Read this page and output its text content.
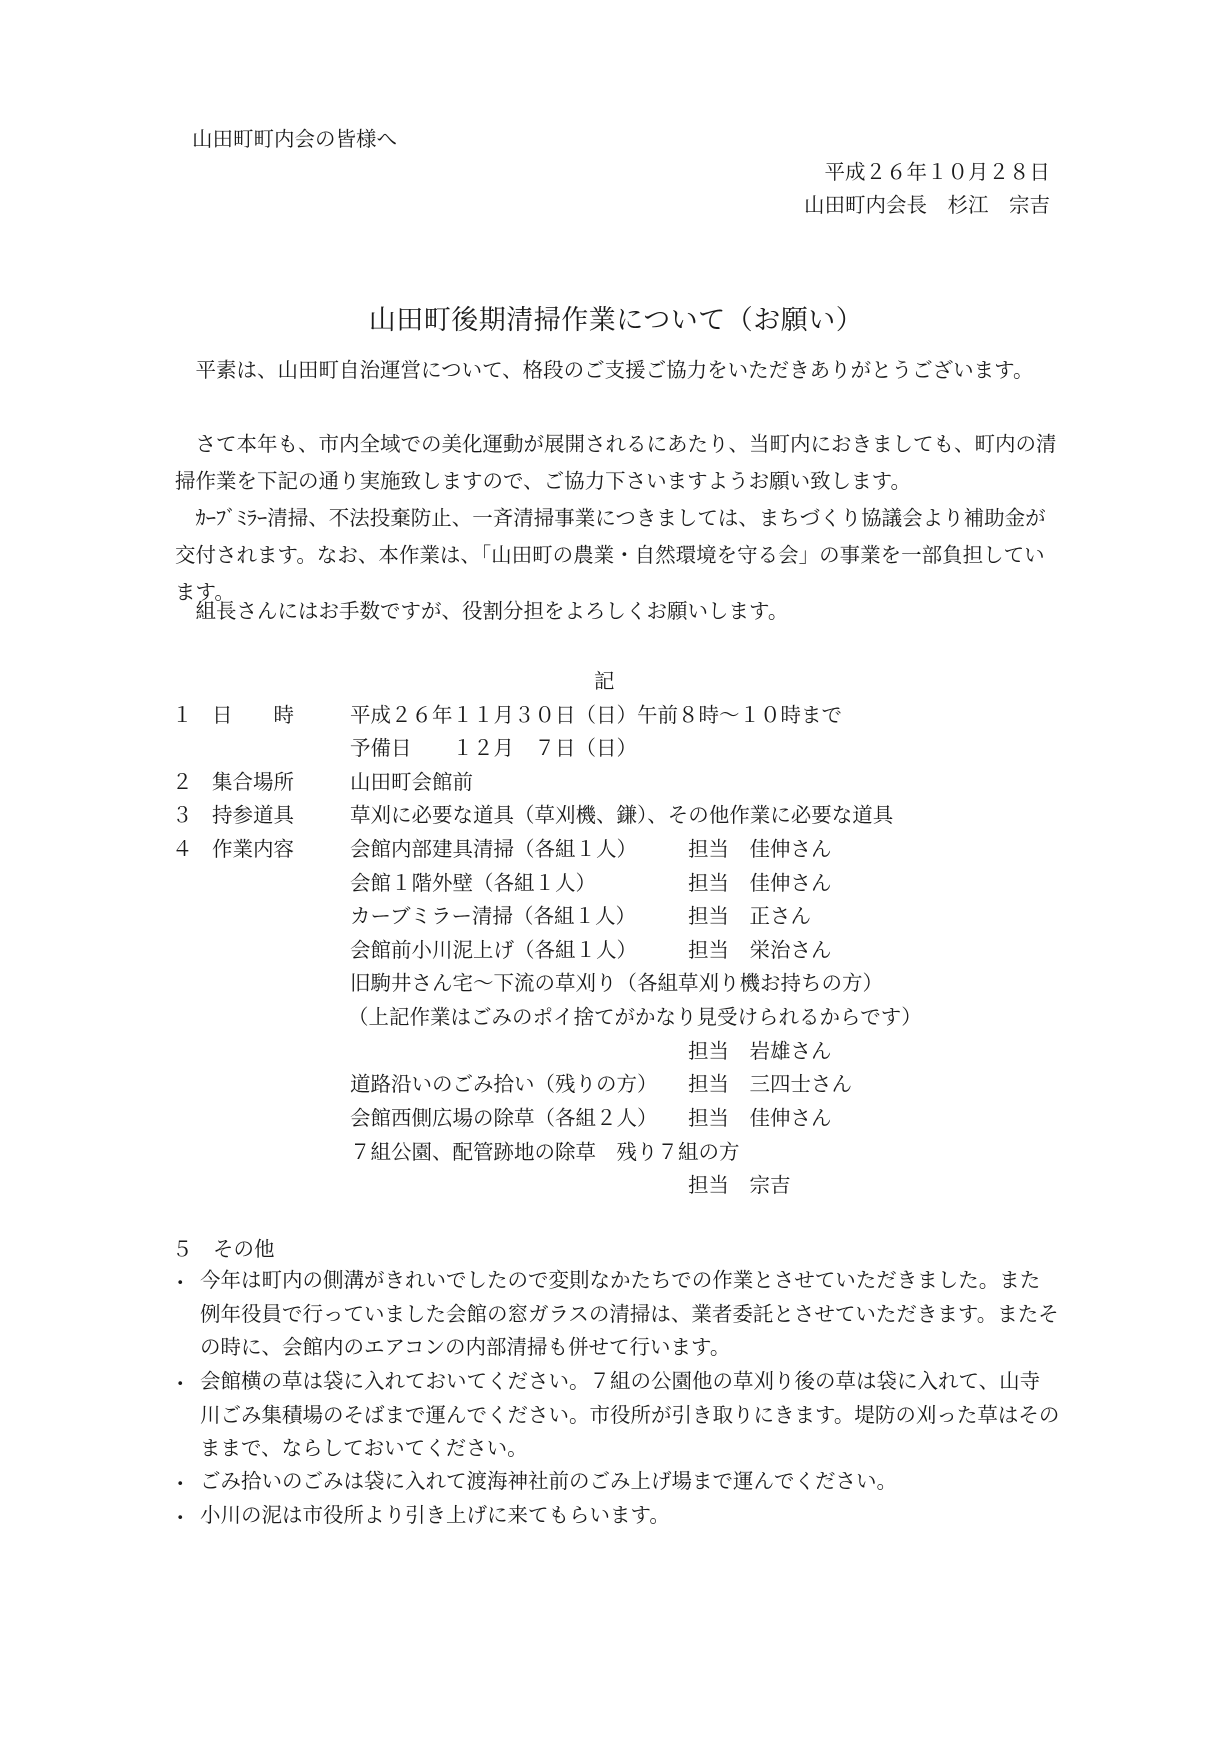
山田町町内会の皆様へ
平成２６年１０月２８日
山田町内会長　杉江　宗吉
山田町後期清掃作業について（お願い）
平素は、山田町自治運営について、格段のご支援ご協力をいただきありがとうございます。
さて本年も、市内全域での美化運動が展開されるにあたり、当町内におきましても、町内の清掃作業を下記の通り実施致しますので、ご協力下さいますようお願い致します。
ｶｰﾌﾞﾐﾗｰ清掃、不法投棄防止、一斉清掃事業につきましては、まちづくり協議会より補助金が交付されます。なお、本作業は、「山田町の農業・自然環境を守る会」の事業を一部負担しています。
組長さんにはお手数ですが、役割分担をよろしくお願いします。
記
１ 日　　時	平成２６年１１月３０日（日）午前８時～１０時まで
予備日　　１２月　７日（日）
２ 集合場所	山田町会館前
３ 持参道具	草刈に必要な道具（草刈機、鎌）、その他作業に必要な道具
４ 作業内容	会館内部建具清掃（各組１人） 担当　佳伸さん
会館１階外壁（各組１人）	担当　佳伸さん
カーブミラー清掃（各組１人）	担当　正さん
会館前小川泥上げ（各組１人） 担当　栄治さん
旧駒井さん宅～下流の草刈り（各組草刈り機お持ちの方）
（上記作業はごみのポイ捨てがかなり見受けられるからです）
担当　岩雄さん
道路沿いのごみ拾い（残りの方） 担当　三四士さん
会館西側広場の除草（各組２人） 担当　佳伸さん
７組公園、配管跡地の除草　残り７組の方
担当　宗吉
５　その他
・ 今年は町内の側溝がきれいでしたので変則なかたちでの作業とさせていただきました。また例年役員で行っていました会館の窓ガラスの清掃は、業者委託とさせていただきます。またその時に、会館内のエアコンの内部清掃も併せて行います。
・ 会館横の草は袋に入れておいてください。７組の公園他の草刈り後の草は袋に入れて、山寺川ごみ集積場のそばまで運んでください。市役所が引き取りにきます。堤防の刈った草はそのままで、ならしておいてください。
・ ごみ拾いのごみは袋に入れて渡海神社前のごみ上げ場まで運んでください。
・ 小川の泥は市役所より引き上げに来てもらいます。
